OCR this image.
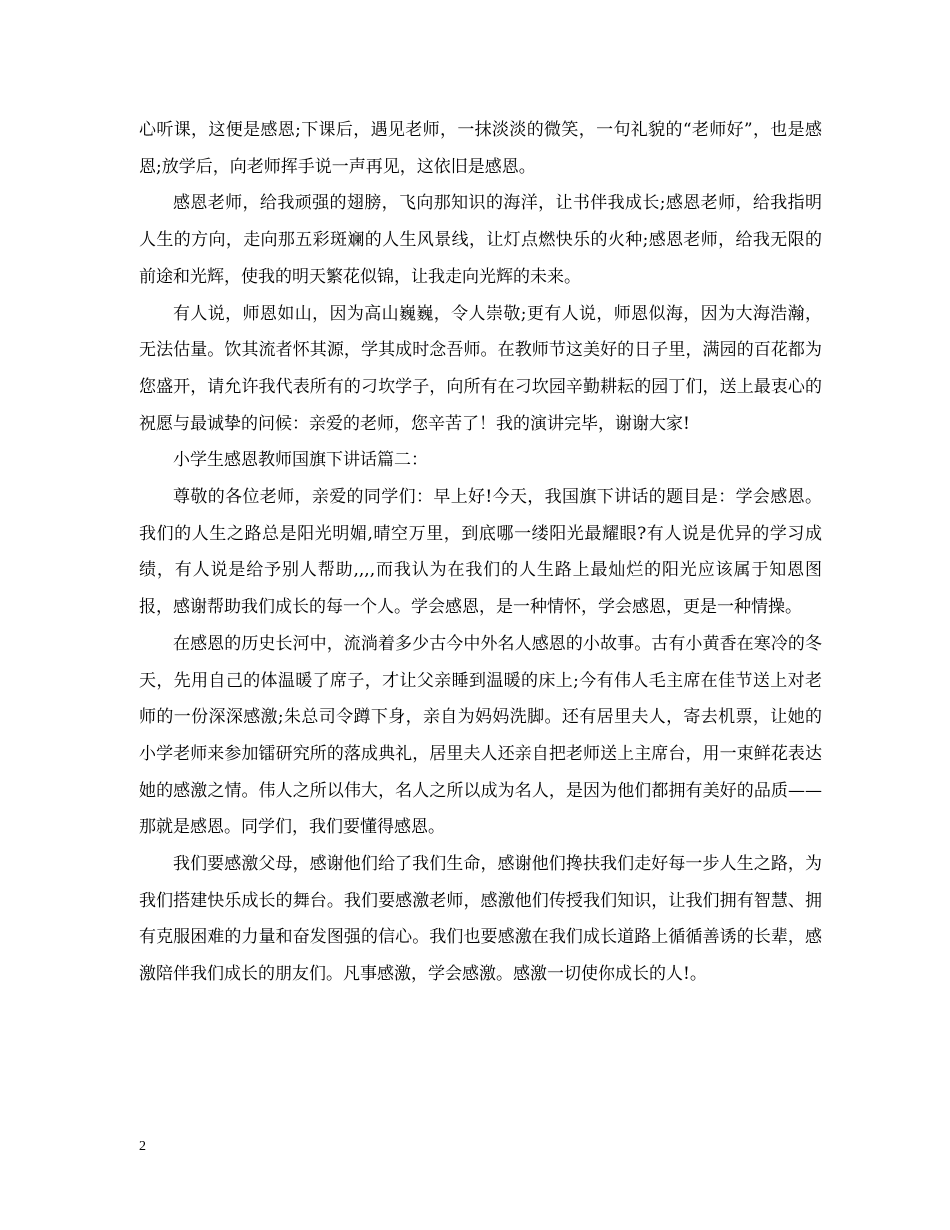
心听课，这便是感恩;下课后，遇见老师，一抹淡淡的微笑，一句礼貌的“老师好”，也是感恩;放学后，向老师挥手说一声再见，这依旧是感恩。

感恩老师，给我顽强的翅膀，飞向那知识的海洋，让书伴我成长;感恩老师，给我指明人生的方向，走向那五彩斑斓的人生风景线，让灯点燃快乐的火种;感恩老师，给我无限的前途和光辉，使我的明天繁花似锦，让我走向光辉的未来。

有人说，师恩如山，因为高山巍巍，令人崇敬;更有人说，师恩似海，因为大海浩瀚，无法估量。饮其流者怀其源，学其成时念吾师。在教师节这美好的日子里，满园的百花都为您盛开，请允许我代表所有的刁坎学子，向所有在刁坎园辛勤耕耘的园丁们，送上最衷心的祝愿与最诚挚的问候：亲爱的老师，您辛苦了！我的演讲完毕，谢谢大家!

小学生感恩教师国旗下讲话篇二：

尊敬的各位老师，亲爱的同学们：早上好!今天，我国旗下讲话的题目是：学会感恩。我们的人生之路总是阳光明媚,晴空万里，到底哪一缕阳光最耀眼?有人说是优异的学习成绩，有人说是给予别人帮助,,,,而我认为在我们的人生路上最灿烂的阳光应该属于知恩图报，感谢帮助我们成长的每一个人。学会感恩，是一种情怀，学会感恩，更是一种情操。

在感恩的历史长河中，流淌着多少古今中外名人感恩的小故事。古有小黄香在寒冷的冬天，先用自己的体温暖了席子，才让父亲睡到温暖的床上;今有伟人毛主席在佳节送上对老师的一份深深感激;朱总司令蹲下身，亲自为妈妈洗脚。还有居里夫人，寄去机票，让她的小学老师来参加镭研究所的落成典礼，居里夫人还亲自把老师送上主席台，用一束鲜花表达她的感激之情。伟人之所以伟大，名人之所以成为名人，是因为他们都拥有美好的品质——那就是感恩。同学们，我们要懂得感恩。

我们要感激父母，感谢他们给了我们生命，感谢他们搀扶我们走好每一步人生之路，为我们搭建快乐成长的舞台。我们要感激老师，感激他们传授我们知识，让我们拥有智慧、拥有克服困难的力量和奋发图强的信心。我们也要感激在我们成长道路上循循善诱的长辈，感激陪伴我们成长的朋友们。凡事感激，学会感激。感激一切使你成长的人!。

2
